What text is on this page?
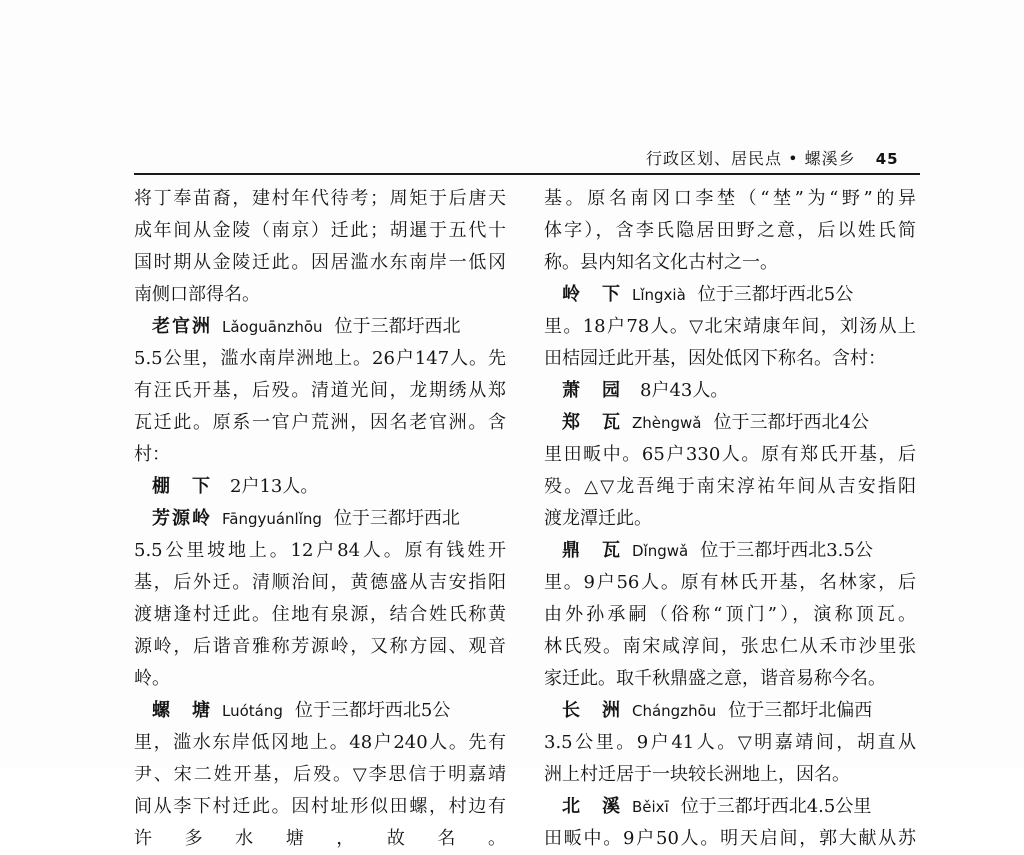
行政区划、居民点 • 螺溪乡 45
将丁奉苗裔，建村年代待考；周矩于后唐天
成年间从金陵（南京）迁此；胡暹于五代十
国时期从金陵迁此。因居滥水东南岸一低冈
南侧口部得名。
老官洲 Lǎoguānzhōu 位于三都圩西北
5.5公里，滥水南岸洲地上。26户147人。先
有汪氏开基，后殁。清道光间，龙期绣从郑
瓦迁此。原系一官户荒洲，因名老官洲。含
村：
棚　下  2户13人。
芳源岭 Fāngyuánlǐng 位于三都圩西北
5.5公里坡地上。12户84人。原有钱姓开
基，后外迁。清顺治间，黄德盛从吉安指阳
渡塘逢村迁此。住地有泉源，结合姓氏称黄
源岭，后谐音雅称芳源岭，又称方园、观音
岭。
螺　塘 Luótáng 位于三都圩西北5公
里，滥水东岸低冈地上。48户240人。先有
尹、宋二姓开基，后殁。▽李思信于明嘉靖
间从李下村迁此。因村址形似田螺，村边有
许多水塘，故名。
基。原名南冈口李埜（“埜”为“野”的异
体字），含李氏隐居田野之意，后以姓氏简
称。县内知名文化古村之一。
岭　下 Lǐngxià 位于三都圩西北5公
里。18户78人。▽北宋靖康年间，刘汤从上
田桔园迁此开基，因处低冈下称名。含村：
萧　园  8户43人。
郑　瓦 Zhèngwǎ 位于三都圩西北4公
里田畈中。65户330人。原有郑氏开基，后
殁。△▽龙吾绳于南宋淳祐年间从吉安指阳
渡龙潭迁此。
鼎　瓦 Dǐngwǎ 位于三都圩西北3.5公
里。9户56人。原有林氏开基，名林家，后
由外孙承嗣（俗称“顶门”），演称顶瓦。
林氏殁。南宋咸淳间，张忠仁从禾市沙里张
家迁此。取千秋鼎盛之意，谐音易称今名。
长　洲 Chángzhōu 位于三都圩北偏西
3.5公里。9户41人。▽明嘉靖间，胡直从
洲上村迁居于一块较长洲地上，因名。
北　溪 Běixī 位于三都圩西北4.5公里
田畈中。9户50人。明天启间，郭大献从苏
